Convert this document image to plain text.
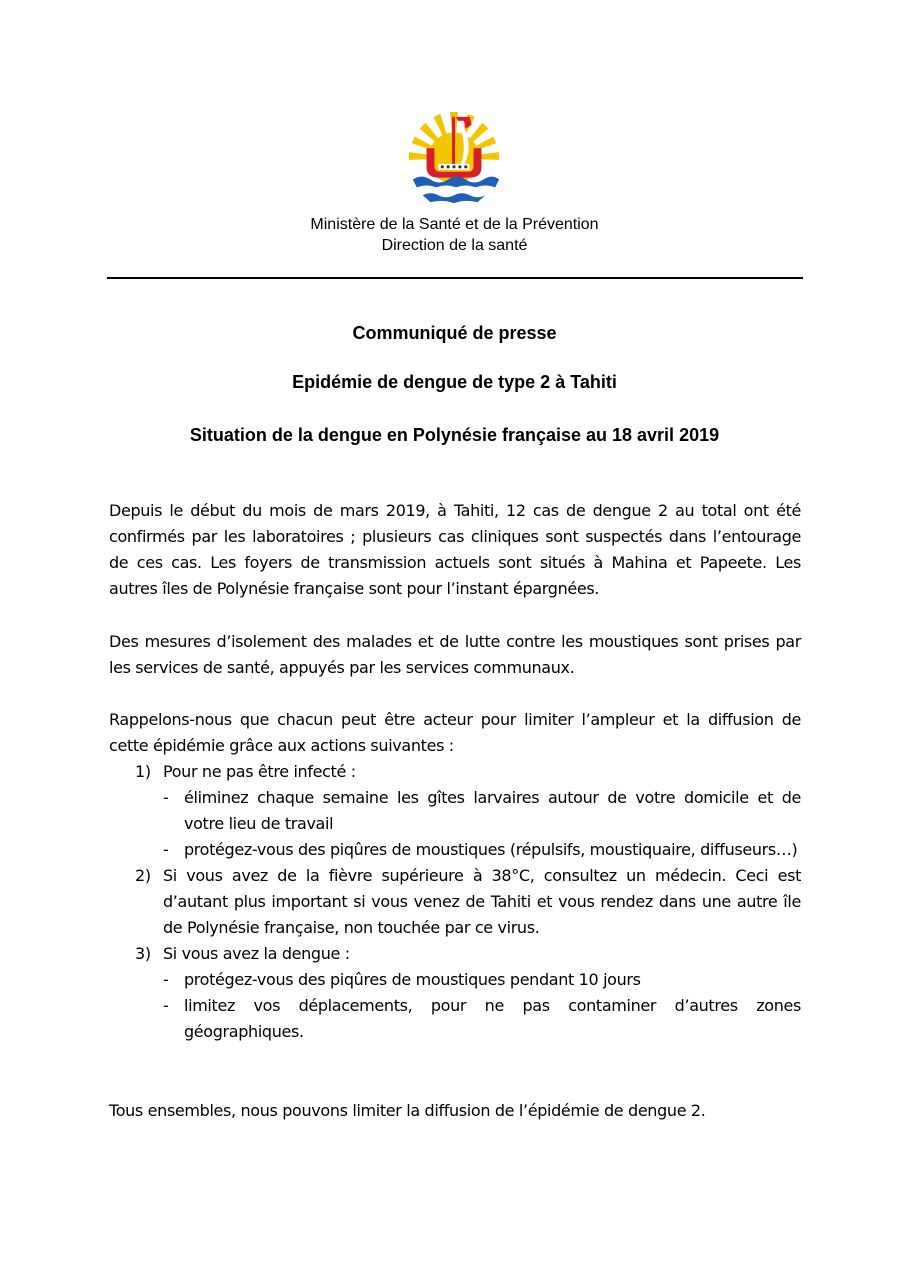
Ministère de la Santé et de la Prévention
Direction de la santé
Communiqué de presse
Epidémie de dengue de type 2 à Tahiti
Situation de la dengue en Polynésie française au 18 avril 2019
Depuis le début du mois de mars 2019, à Tahiti, 12 cas de dengue 2 au total ont été confirmés par les laboratoires ; plusieurs cas cliniques sont suspectés dans l’entourage de ces cas. Les foyers de transmission actuels sont situés à Mahina et Papeete. Les autres îles de Polynésie française sont pour l’instant épargnées.
Des mesures d’isolement des malades et de lutte contre les moustiques sont prises par les services de santé, appuyés par les services communaux.
Rappelons-nous que chacun peut être acteur pour limiter l’ampleur et la diffusion de cette épidémie grâce aux actions suivantes :
1) Pour ne pas être infecté :
- éliminez chaque semaine les gîtes larvaires autour de votre domicile et de votre lieu de travail
- protégez-vous des piqûres de moustiques (répulsifs, moustiquaire, diffuseurs…)
2) Si vous avez de la fièvre supérieure à 38°C, consultez un médecin. Ceci est d’autant plus important si vous venez de Tahiti et vous rendez dans une autre île de Polynésie française, non touchée par ce virus.
3) Si vous avez la dengue :
- protégez-vous des piqûres de moustiques pendant 10 jours
- limitez vos déplacements, pour ne pas contaminer d’autres zones géographiques.
Tous ensembles, nous pouvons limiter la diffusion de l’épidémie de dengue 2.
